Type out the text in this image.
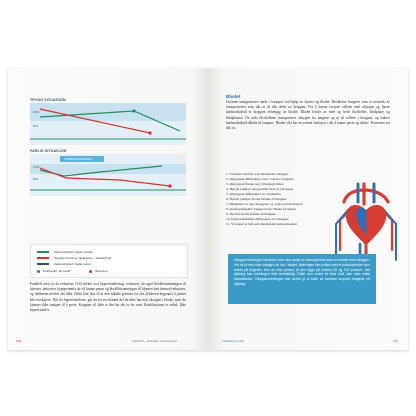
TRYGG SITUASJON
100%
80%
FARLIG SITUASJON
HYPEROKSYGENERING
100%
80%
Karbondioksid i hjelle punkter
Oksygenmetning i hjelle/blod – akutt/krithet
Karbondioksid i hjelle punkt
Pustesjukt "ett punkt"	Besvimer
Parallelt med at du reduserer CO2-nivået ved hyperventilering, reduserer du også blodtilstrømningen til hjernen, inducerer hypoperemia du vil kunne pause og blodtilstrømningen til hjernen kan dermed reduseres, og dykkeren merker det ikke. Dette kan føre til at den såkalte grensen for når dykkeren begynner å pustes blir forskjøvet. Når du hyperventilerer, går du fra en tilstand der du ikke har nok oksygen i blodet, men du kjenner ikke trangen til å puste. Kroppen vil ikke si ifra før det er for sent. Konklusjonen er enkel: Ikke hyperventiler.
130	Kapittel 8 – Hva skjer med kroppen?
Blodet
Gassene transporteres rundt i kroppen ved hjelp av hjertet og blodet. Blodårene fungerer som et nettverk av transportveier som når ut til alle deler av kroppen. For å kunne forsyne cellene med oksygen og fjerne karbondioksid er kroppen avhengig av blodet. Blodet består av røde og hvite blodceller, blodplater og blodplasma. De røde blodcellene transporterer oksygen fra lungene og ut til cellene i kroppen, og frakter karbondioksid tilbake til lungene. Blodet vårt har en sentral funksjon i det å kunne puste og dykke. Prosessen ser slik ut:
1. Vi puster inn luft som inneholder oksygen
2. Oksygenet diffunderer over i blodet i lungene
3. Oksygenet binder seg til hemoglobinet
4. Hjertet pumper oksygenrikt blod ut i kroppen
5. Oksygenet diffunderer ut i muskelen
6. Hjertet pumper blodet tilbake til lungene
7. Muskelen tar opp oksygenet og avgir karbondioksid
8. Karbondioksidet transporteres tilbake til hjertet
9. Det blå blodet fraktes til lungene
10. Karbondioksidet diffunderer ut i lungene
11. Vi puster ut luft som inneholder karbondioksid
Oksygenmetningen beskriver hvor stor andel av hemoglobinet som er bundet med oksygen. Det vil si hvor mye oksygen du har i blodet. Metningen kan måles med et pulsoksimeter som festes på fingeren. Hos en frisk person vil den ligge på mellom 95 og 100 prosent. Ved dykking kan metningen falle betraktelig. Faller den under et visst nivå, kan man miste bevisstheten. Oksygenmetningen kan derfor gi et bilde av hvordan kroppen reagerer på dykking.
Fridykking for alle	131
